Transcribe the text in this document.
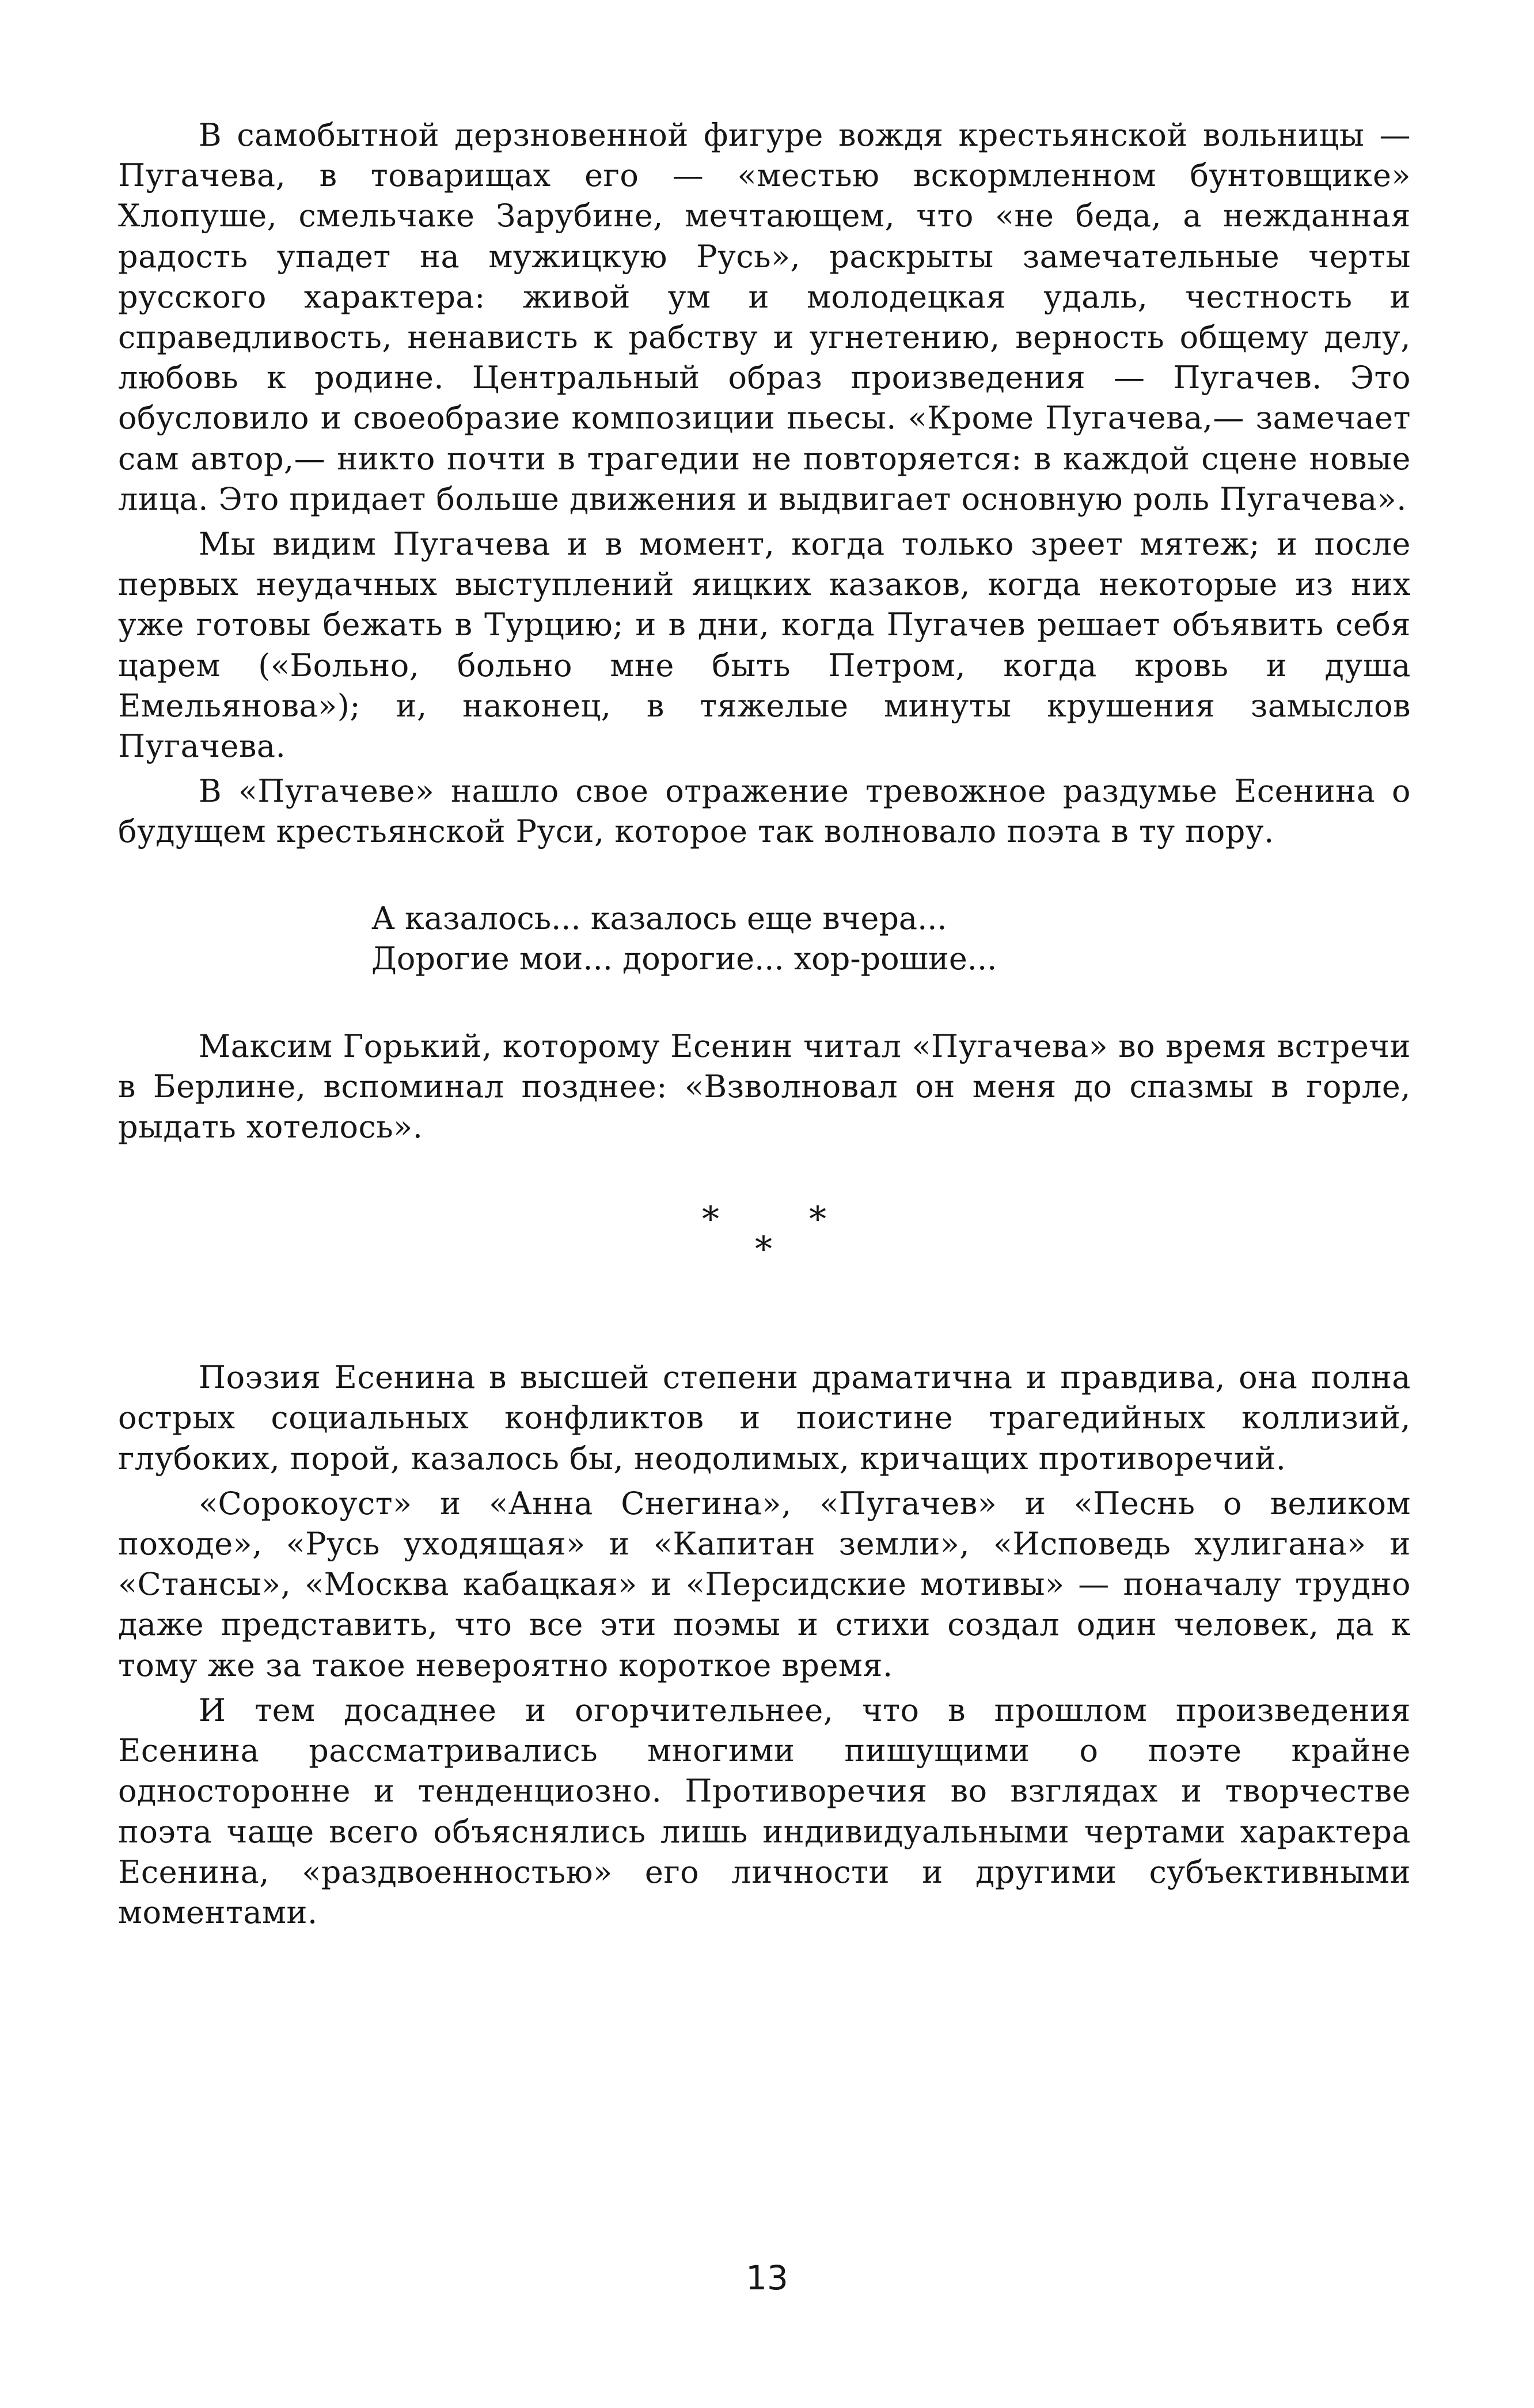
В самобытной дерзновенной фигуре вождя крестьянской вольницы — Пугачева, в товарищах его — «местью вскормленном бунтовщике» Хлопуше, смельчаке Зарубине, мечтающем, что «не беда, а нежданная радость упадет на мужицкую Русь», раскрыты замечательные черты русского характера: живой ум и молодецкая удаль, честность и справедливость, ненависть к рабству и угнетению, верность общему делу, любовь к родине. Центральный образ произведения — Пугачев. Это обусловило и своеобразие композиции пьесы. «Кроме Пугачева,— замечает сам автор,— никто почти в трагедии не повторяется: в каждой сцене новые лица. Это придает больше движения и выдвигает основную роль Пугачева».

Мы видим Пугачева и в момент, когда только зреет мятеж; и после первых неудачных выступлений яицких казаков, когда некоторые из них уже готовы бежать в Турцию; и в дни, когда Пугачев решает объявить себя царем («Больно, больно мне быть Петром, когда кровь и душа Емельянова»); и, наконец, в тяжелые минуты крушения замыслов Пугачева.

В «Пугачеве» нашло свое отражение тревожное раздумье Есенина о будущем крестьянской Руси, которое так волновало поэта в ту пору.

А казалось... казалось еще вчера...
Дорогие мои... дорогие... хор-рошие...

Максим Горький, которому Есенин читал «Пугачева» во время встречи в Берлине, вспоминал позднее: «Взволновал он меня до спазмы в горле, рыдать хотелось».

*	*
*

Поэзия Есенина в высшей степени драматична и правдива, она полна острых социальных конфликтов и поистине трагедийных коллизий, глубоких, порой, казалось бы, неодолимых, кричащих противоречий.

«Сорокоуст» и «Анна Снегина», «Пугачев» и «Песнь о великом походе», «Русь уходящая» и «Капитан земли», «Исповедь хулигана» и «Стансы», «Москва кабацкая» и «Персидские мотивы» — поначалу трудно даже представить, что все эти поэмы и стихи создал один человек, да к тому же за такое невероятно короткое время.

И тем досаднее и огорчительнее, что в прошлом произведения Есенина рассматривались многими пишущими о поэте крайне односторонне и тенденциозно. Противоречия во взглядах и творчестве поэта чаще всего объяснялись лишь индивидуальными чертами характера Есенина, «раздвоенностью» его личности и другими субъективными моментами.

13
